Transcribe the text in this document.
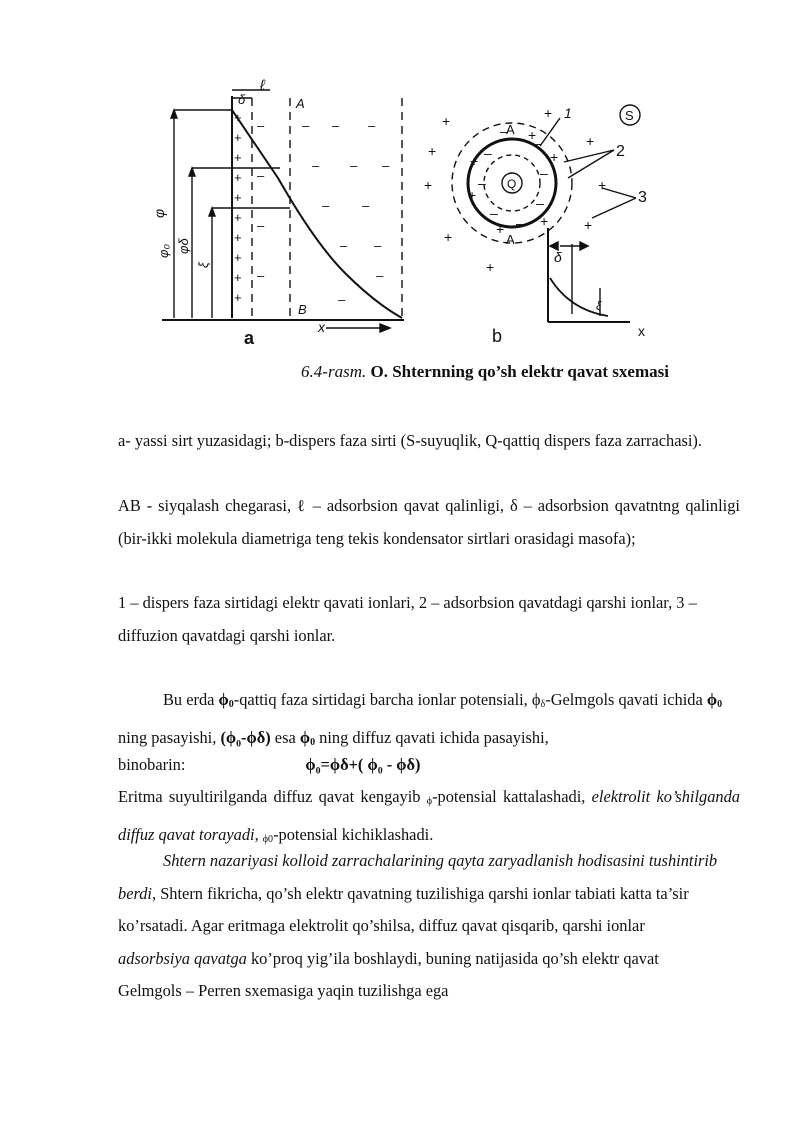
+
+
+
+
+
+
+
+
+
+
–
–
–
–
– – –
– – –
–	–
– –
–
–
ℓ
δ	A
B
x
φ
φ₀ φδ
ξ
a
+
+
+
+
+
+
+
+
+
–
–
–
–
–
–
–
–
+
+
+
+
+
+
A
A
Q
S
1
2
3
δ
ξ
x
b
6.4-rasm. O. Shternning qo’sh elektr qavat sxemasi
a- yassi sirt yuzasidagi; b-dispers faza sirti (S-suyuqlik, Q-qattiq dispers faza zarrachasi).
AB - siyqalash chegarasi, ℓ – adsorbsion qavat qalinligi, δ – adsorbsion qavatntng qalinligi (bir-ikki molekula diametriga teng tekis kondensator sirtlari orasidagi masofa);
1 – dispers faza sirtidagi elektr qavati ionlari, 2 – adsorbsion qavatdagi qarshi ionlar, 3 – diffuzion qavatdagi qarshi ionlar.
Bu erda $\phi_0$-qattiq faza sirtidagi barcha ionlar potensiali, $\phi_\delta$-Gelmgols qavati ichida $\phi_0$ ning pasayishi, (ϕ₀-ϕδ) esa $\phi_0$ ning diffuz qavati ichida pasayishi,
binobarin:	ϕ₀=ϕδ+( ϕ₀ - ϕδ)
Eritma suyultirilganda diffuz qavat kengayib $_\phi$-potensial kattalashadi, elektrolit ko’shilganda diffuz qavat torayadi, $_{\phi 0}$-potensial kichiklashadi.
Shtern nazariyasi kolloid zarrachalarining qayta zaryadlanish hodisasini tushintirib berdi, Shtern fikricha, qo’sh elektr qavatning tuzilishiga qarshi ionlar tabiati katta ta’sir ko’rsatadi. Agar eritmaga elektrolit qo’shilsa, diffuz qavat qisqarib, qarshi ionlar adsorbsiya qavatga ko’proq yig’ila boshlaydi, buning natijasida qo’sh elektr qavat Gelmgols – Perren sxemasiga yaqin tuzilishga ega
